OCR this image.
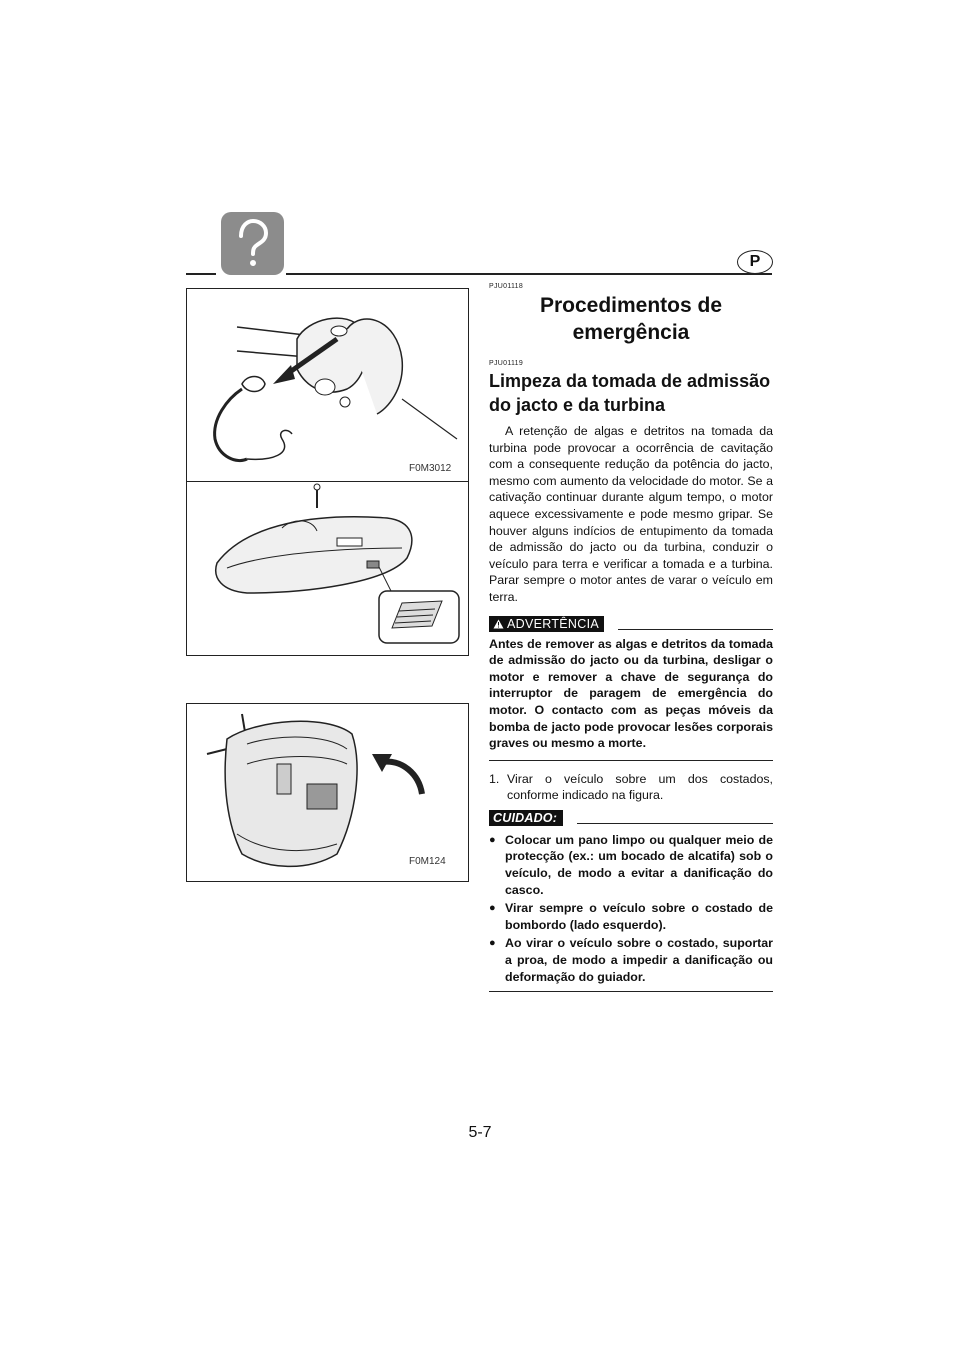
P
F0M3012
F0M124
PJU01118
Procedimentos de emergência
PJU01119
Limpeza da tomada de admissão do jacto e da turbina

A retenção de algas e detritos na tomada da turbina pode provocar a ocorrência de cavitação com a consequente redução da potência do jacto, mesmo com aumento da velocidade do motor. Se a cativação continuar durante algum tempo, o motor aquece excessivamente e pode mesmo gripar. Se houver alguns indícios de entupimento da tomada de admissão do jacto ou da turbina, conduzir o veículo para terra e verificar a tomada e a turbina. Parar sempre o motor antes de varar o veículo em terra.

ADVERTÊNCIA

Antes de remover as algas e detritos da tomada de admissão do jacto ou da turbina, desligar o motor e remover a chave de segurança do interruptor de paragem de emergência do motor. O contacto com as peças móveis da bomba de jacto pode provocar lesões corporais graves ou mesmo a morte.

1. Virar o veículo sobre um dos costados, conforme indicado na figura.
CUIDADO:
● Colocar um pano limpo ou qualquer meio de protecção (ex.: um bocado de alcatifa) sob o veículo, de modo a evitar a danificação do casco.
● Virar sempre o veículo sobre o costado de bombordo (lado esquerdo).
● Ao virar o veículo sobre o costado, suportar a proa, de modo a impedir a danificação ou deformação do guiador.
5-7
